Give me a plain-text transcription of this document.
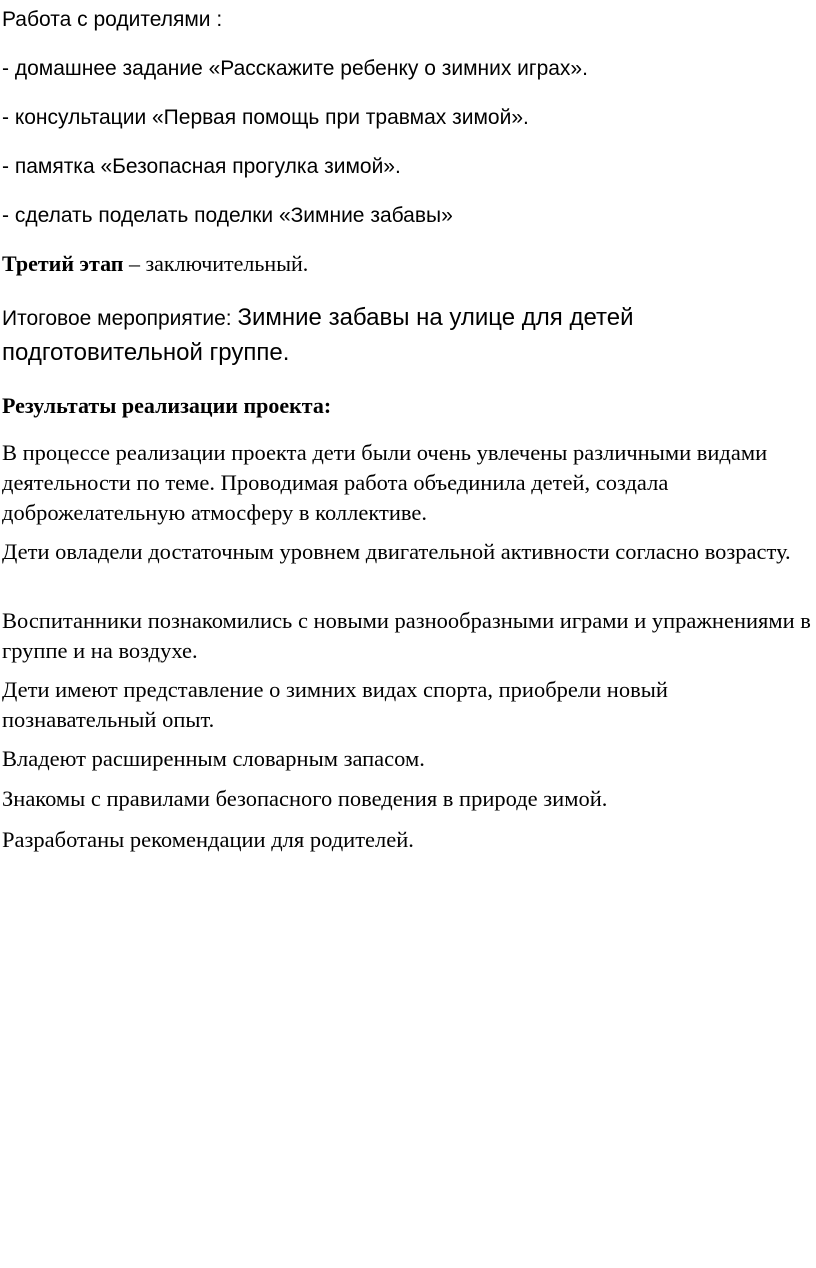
Работа с родителями :

- домашнее задание «Расскажите ребенку о зимних играх».

- консультации «Первая помощь при травмах зимой».

- памятка «Безопасная прогулка зимой».

- сделать поделать поделки «Зимние забавы»

Третий этап – заключительный.

Итоговое мероприятие: Зимние забавы на улице для детей

подготовительной группе.

Результаты реализации проекта:

В процессе реализации проекта дети были очень увлечены различными видами деятельности по теме. Проводимая работа объединила детей, создала доброжелательную атмосферу в коллективе.

Дети овладели достаточным уровнем двигательной активности согласно возрасту.

Воспитанники познакомились с новыми разнообразными играми и упражнениями в группе и на воздухе.

Дети имеют представление о зимних видах спорта, приобрели новый познавательный опыт.

Владеют расширенным словарным запасом.

Знакомы с правилами безопасного поведения в природе зимой.

Разработаны рекомендации для родителей.
